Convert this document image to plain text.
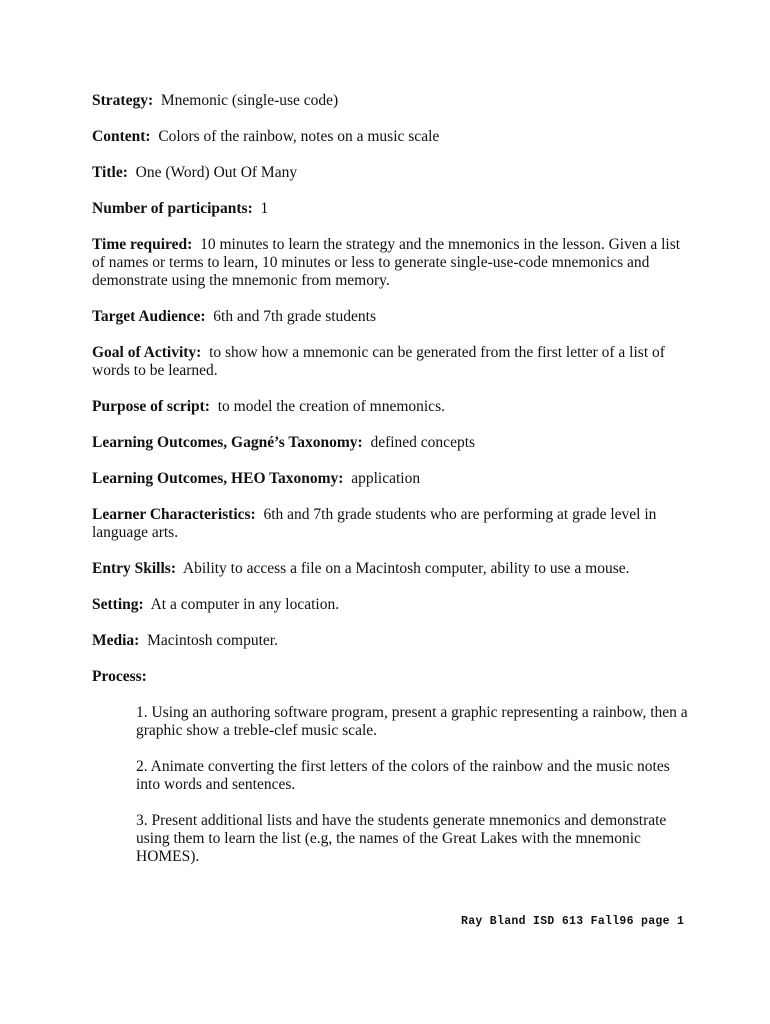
Strategy: Mnemonic (single-use code)

Content: Colors of the rainbow, notes on a music scale

Title: One (Word) Out Of Many

Number of participants: 1

Time required: 10 minutes to learn the strategy and the mnemonics in the lesson. Given a list of names or terms to learn, 10 minutes or less to generate single-use-code mnemonics and demonstrate using the mnemonic from memory.

Target Audience: 6th and 7th grade students

Goal of Activity: to show how a mnemonic can be generated from the first letter of a list of words to be learned.

Purpose of script: to model the creation of mnemonics.

Learning Outcomes, Gagné’s Taxonomy: defined concepts

Learning Outcomes, HEO Taxonomy: application

Learner Characteristics: 6th and 7th grade students who are performing at grade level in language arts.

Entry Skills: Ability to access a file on a Macintosh computer, ability to use a mouse.

Setting: At a computer in any location.

Media: Macintosh computer.

Process:

1. Using an authoring software program, present a graphic representing a rainbow, then a graphic show a treble-clef music scale.

2. Animate converting the first letters of the colors of the rainbow and the music notes into words and sentences.

3. Present additional lists and have the students generate mnemonics and demonstrate using them to learn the list (e.g, the names of the Great Lakes with the mnemonic HOMES).

Ray Bland ISD 613 Fall96 page 1
